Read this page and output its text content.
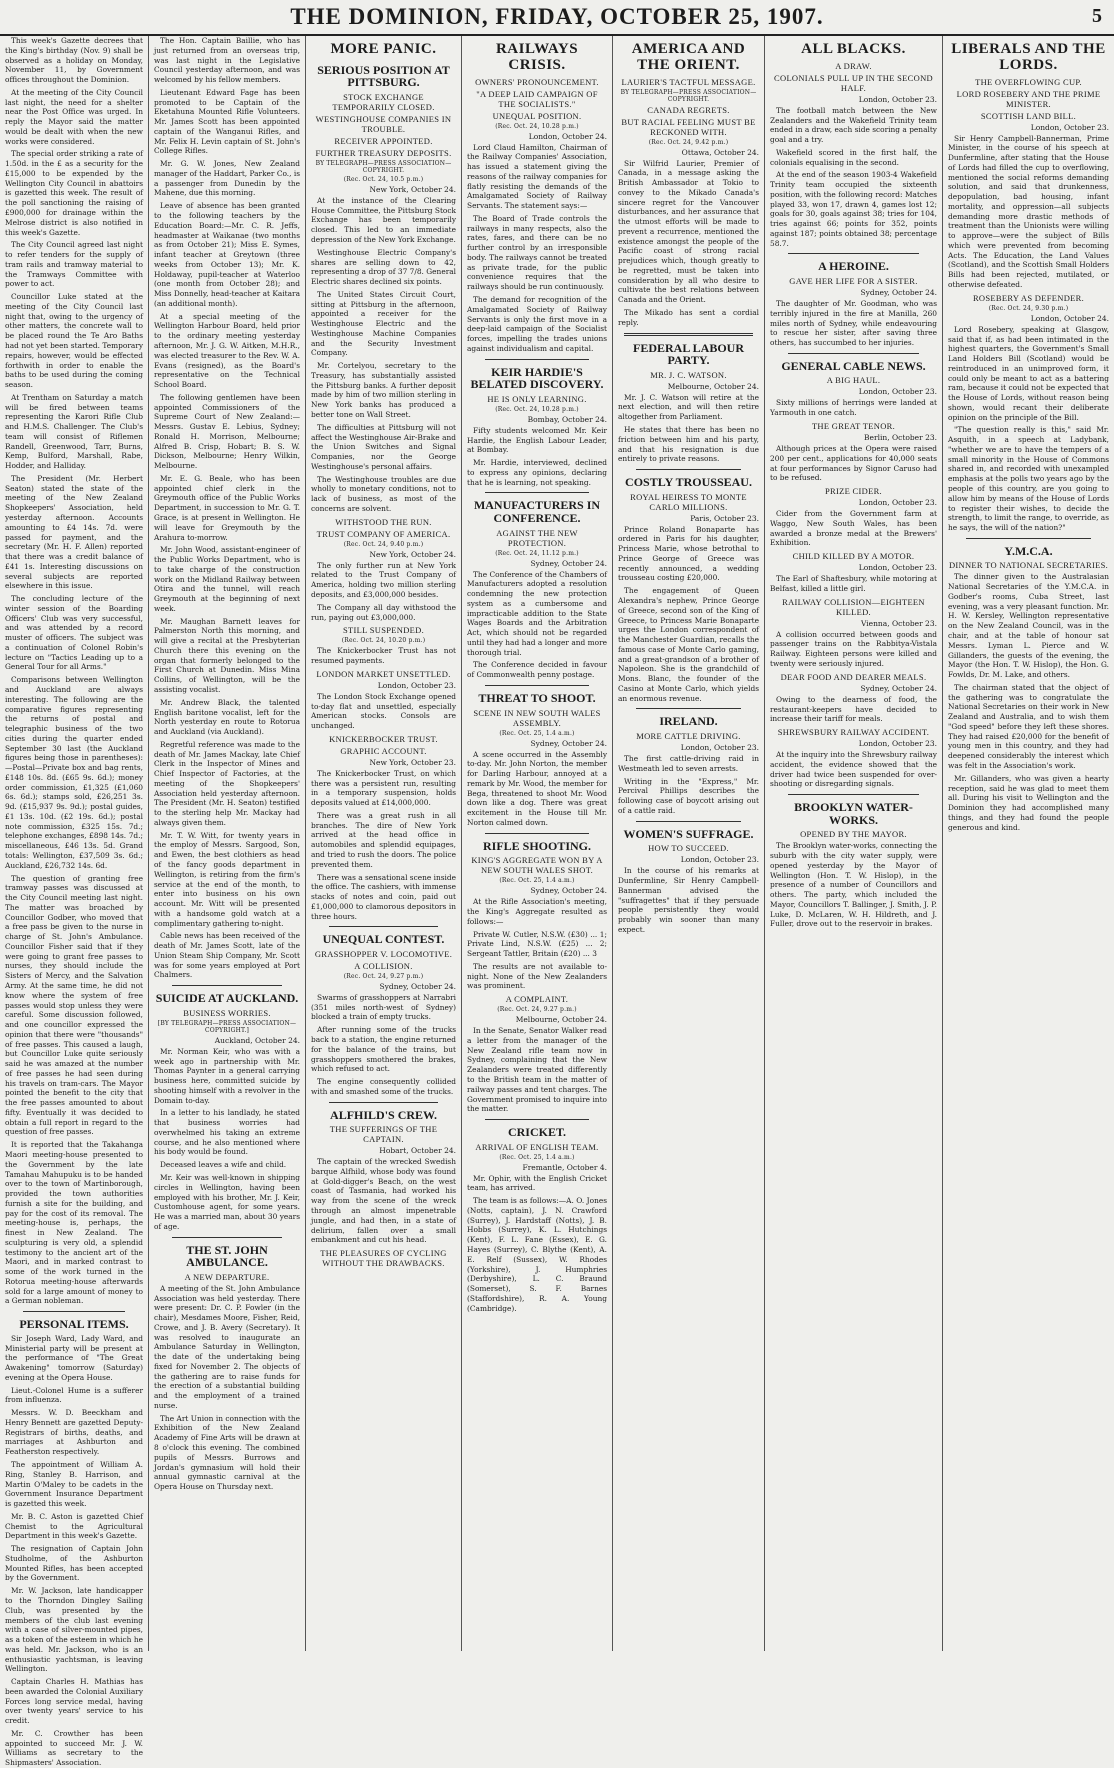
THE DOMINION, FRIDAY, OCTOBER 25, 1907.	5

This week's Gazette decrees that the King's birthday (Nov. 9) shall be observed as a holiday on Monday, November 11, by Government offices throughout the Dominion.

At the meeting of the City Council last night, the need for a shelter near the Post Office was urged. In reply the Mayor said the matter would be dealt with when the new works were considered.

The special order striking a rate of 1.50d. in the £ as a security for the £15,000 to be expended by the Wellington City Council in abattoirs is gazetted this week. The result of the poll sanctioning the raising of £900,000 for drainage within the Melrose district is also notified in this week's Gazette.

The City Council agreed last night to refer tenders for the supply of tram rails and tramway material to the Tramways Committee with power to act.

Councillor Luke stated at the meeting of the City Council last night that, owing to the urgency of other matters, the concrete wall to be placed round the Te Aro Baths had not yet been started. Temporary repairs, however, would be effected forthwith in order to enable the baths to be used during the coming season.

At Trentham on Saturday a match will be fired between teams representing the Karori Rifle Club and H.M.S. Challenger. The Club's team will consist of Riflemen Randell, Greenwood, Tarr, Burns, Kemp, Bulford, Marshall, Rabe, Hodder, and Halliday.

The President (Mr. Herbert Seaton) stated the state of the meeting of the New Zealand Shopkeepers' Association, held yesterday afternoon. Accounts amounting to £4 14s. 7d. were passed for payment, and the secretary (Mr. H. F. Allen) reported that there was a credit balance of £41 1s. Interesting discussions on several subjects are reported elsewhere in this issue.

The concluding lecture of the winter session of the Boarding Officers' Club was very successful, and was attended by a record muster of officers. The subject was a continuation of Colonel Robin's lecture on "Tactics Leading up to a General Tour for all Arms."

Comparisons between Wellington and Auckland are always interesting. The following are the comparative figures representing the returns of postal and telegraphic business of the two cities during the quarter ended September 30 last (the Auckland figures being those in parentheses):—Postal—Private box and bag rents, £148 10s. 8d. (£65 9s. 6d.); money order commission, £1,325 (£1,060 6s. 6d.); stamps sold, £26,251 3s. 9d. (£15,937 9s. 9d.); postal guides, £1 13s. 10d. (£2 19s. 6d.); postal note commission, £325 15s. 7d.; telephone exchanges, £898 14s. 7d.; miscellaneous, £46 13s. 5d. Grand totals: Wellington, £37,509 3s. 6d.; Auckland, £26,732 14s. 6d.

The question of granting free tramway passes was discussed at the City Council meeting last night. The matter was broached by Councillor Godber, who moved that a free pass be given to the nurse in charge of St. John's Ambulance. Councillor Fisher said that if they were going to grant free passes to nurses, they should include the Sisters of Mercy, and the Salvation Army. At the same time, he did not know where the system of free passes would stop unless they were careful. Some discussion followed, and one councillor expressed the opinion that there were "thousands" of free passes. This caused a laugh, but Councillor Luke quite seriously said he was amazed at the number of free passes he had seen during his travels on tram-cars. The Mayor pointed the benefit to the city that the free passes amounted to about fifty. Eventually it was decided to obtain a full report in regard to the question of free passes.

It is reported that the Takahanga Maori meeting-house presented to the Government by the late Tamahau Mahupuku is to be handed over to the town of Martinborough, provided the town authorities furnish a site for the building, and pay for the cost of its removal. The meeting-house is, perhaps, the finest in New Zealand. The sculpturing is very old, a splendid testimony to the ancient art of the Maori, and in marked contrast to some of the work turned in the Rotorua meeting-house afterwards sold for a large amount of money to a German nobleman.

PERSONAL ITEMS.

Sir Joseph Ward, Lady Ward, and Ministerial party will be present at the performance of "The Great Awakening" tomorrow (Saturday) evening at the Opera House.

Lieut.-Colonel Hume is a sufferer from influenza.

Messrs. W. D. Beeckham and Henry Bennett are gazetted Deputy-Registrars of births, deaths, and marriages at Ashburton and Featherston respectively.

The appointment of William A. Ring, Stanley B. Harrison, and Martin O'Maley to be cadets in the Government Insurance Department is gazetted this week.

Mr. B. C. Aston is gazetted Chief Chemist to the Agricultural Department in this week's Gazette.

The resignation of Captain John Studholme, of the Ashburton Mounted Rifles, has been accepted by the Government.

Mr. W. Jackson, late handicapper to the Thorndon Dingley Sailing Club, was presented by the members of the club last evening with a case of silver-mounted pipes, as a token of the esteem in which he was held. Mr. Jackson, who is an enthusiastic yachtsman, is leaving Wellington.

Captain Charles H. Mathias has been awarded the Colonial Auxiliary Forces long service medal, having over twenty years' service to his credit.

Mr. C. Crowther has been appointed to succeed Mr. J. W. Williams as secretary to the Shipmasters' Association.

The Hon. Captain Baillie, who has just returned from an overseas trip, was last night in the Legislative Council yesterday afternoon, and was welcomed by his fellow members.

Lieutenant Edward Fage has been promoted to be Captain of the Eketahuna Mounted Rifle Volunteers. Mr. James Scott has been appointed captain of the Wanganui Rifles, and Mr. Felix H. Levin captain of St. John's College Rifles.

Mr. G. W. Jones, New Zealand manager of the Haddart, Parker Co., is a passenger from Dunedin by the Mahene, due this morning.

Leave of absence has been granted to the following teachers by the Education Board:—Mr. C. R. Jeffs, headmaster at Waikanae (two months as from October 21); Miss E. Symes, infant teacher at Greytown (three weeks from October 13); Mr. K. Holdaway, pupil-teacher at Waterloo (one month from October 28); and Miss Donnelly, head-teacher at Kaitara (an additional month).

At a special meeting of the Wellington Harbour Board, held prior to the ordinary meeting yesterday afternoon, Mr. J. G. W. Aitken, M.H.R., was elected treasurer to the Rev. W. A. Evans (resigned), as the Board's representative on the Technical School Board.

The following gentlemen have been appointed Commissioners of the Supreme Court of New Zealand:—Messrs. Gustav E. Lebius, Sydney; Ronald H. Morrison, Melbourne; Alfred B. Crisp, Hobart; B. S. W. Dickson, Melbourne; Henry Wilkin, Melbourne.

Mr. E. G. Beale, who has been appointed chief clerk in the Greymouth office of the Public Works Department, in succession to Mr. G. T. Grace, is at present in Wellington. He will leave for Greymouth by the Arahura to-morrow.

Mr. John Wood, assistant-engineer of the Public Works Department, who is to take charge of the construction work on the Midland Railway between Otira and the tunnel, will reach Greymouth at the beginning of next week.

Mr. Maughan Barnett leaves for Palmerston North this morning, and will give a recital at the Presbyterian Church there this evening on the organ that formerly belonged to the First Church at Dunedin. Miss Mina Collins, of Wellington, will be the assisting vocalist.

Mr. Andrew Black, the talented English baritone vocalist, left for the North yesterday en route to Rotorua and Auckland (via Auckland).

Regretful reference was made to the death of Mr. James Mackay, late Chief Clerk in the Inspector of Mines and Chief Inspector of Factories, at the meeting of the Shopkeepers' Association held yesterday afternoon. The President (Mr. H. Seaton) testified to the sterling help Mr. Mackay had always given them.

Mr. T. W. Witt, for twenty years in the employ of Messrs. Sargood, Son, and Ewen, the best clothiers as head of the fancy goods department in Wellington, is retiring from the firm's service at the end of the month, to enter into business on his own account. Mr. Witt will be presented with a handsome gold watch at a complimentary gathering to-night.

Cable news has been received of the death of Mr. James Scott, late of the Union Steam Ship Company, Mr. Scott was for some years employed at Port Chalmers.

SUICIDE AT AUCKLAND.
BUSINESS WORRIES.
[BY TELEGRAPH—PRESS ASSOCIATION—COPYRIGHT.]
Auckland, October 24.

Mr. Norman Keir, who was with a week ago in partnership with Mr. Thomas Paynter in a general carrying business here, committed suicide by shooting himself with a revolver in the Domain to-day.

In a letter to his landlady, he stated that business worries had overwhelmed his taking an extreme course, and he also mentioned where his body would be found.

Deceased leaves a wife and child.

Mr. Keir was well-known in shipping circles in Wellington, having been employed with his brother, Mr. J. Keir, Customhouse agent, for some years. He was a married man, about 30 years of age.

THE ST. JOHN AMBULANCE.
A NEW DEPARTURE.

A meeting of the St. John Ambulance Association was held yesterday. There were present: Dr. C. P. Fowler (in the chair), Mesdames Moore, Fisher, Reid, Crowe, and J. B. Avery (Secretary). It was resolved to inaugurate an Ambulance Saturday in Wellington, the date of the undertaking being fixed for November 2. The objects of the gathering are to raise funds for the erection of a substantial building and the employment of a trained nurse.

The Art Union in connection with the Exhibition of the New Zealand Academy of Fine Arts will be drawn at 8 o'clock this evening. The combined pupils of Messrs. Burrows and Jordan's gymnasium will hold their annual gymnastic carnival at the Opera House on Thursday next.

MORE PANIC.
SERIOUS POSITION AT PITTSBURG.
STOCK EXCHANGE TEMPORARILY CLOSED.
WESTINGHOUSE COMPANIES IN TROUBLE.
RECEIVER APPOINTED.
FURTHER TREASURY DEPOSITS.
BY TELEGRAPH—PRESS ASSOCIATION—COPYRIGHT.
(Rec. Oct. 24, 10.5 p.m.)
New York, October 24.

At the instance of the Clearing House Committee, the Pittsburg Stock Exchange has been temporarily closed. This led to an immediate depression of the New York Exchange.

Westinghouse Electric Company's shares are selling down to 42, representing a drop of 37 7/8. General Electric shares declined six points.

The United States Circuit Court, sitting at Pittsburg in the afternoon, appointed a receiver for the Westinghouse Electric and the Westinghouse Machine Companies and the Security Investment Company.

Mr. Cortelyou, secretary to the Treasury, has substantially assisted the Pittsburg banks. A further deposit made by him of two million sterling in New York banks has produced a better tone on Wall Street.

The difficulties at Pittsburg will not affect the Westinghouse Air-Brake and the Union Switches and Signal Companies, nor the George Westinghouse's personal affairs.

The Westinghouse troubles are due wholly to monetary conditions, not to lack of business, as most of the concerns are solvent.

WITHSTOOD THE RUN.
TRUST COMPANY OF AMERICA.
(Rec. Oct. 24, 9.40 p.m.)
New York, October 24.

The only further run at New York related to the Trust Company of America, holding two million sterling deposits, and £3,000,000 besides.

The Company all day withstood the run, paying out £3,000,000.

STILL SUSPENDED.
(Rec. Oct. 24, 10.20 p.m.)

The Knickerbocker Trust has not resumed payments.

LONDON MARKET UNSETTLED.
London, October 23.

The London Stock Exchange opened to-day flat and unsettled, especially American stocks. Consols are unchanged.

KNICKERBOCKER TRUST.
GRAPHIC ACCOUNT.
New York, October 23.

The Knickerbocker Trust, on which there was a persistent run, resulting in a temporary suspension, holds deposits valued at £14,000,000.

There was a great rush in all branches. The dire of New York arrived at the head office in automobiles and splendid equipages, and tried to rush the doors. The police prevented them.

There was a sensational scene inside the office. The cashiers, with immense stacks of notes and coin, paid out £1,000,000 to clamorous depositors in three hours.

UNEQUAL CONTEST.
GRASSHOPPER V. LOCOMOTIVE.
A COLLISION.
(Rec. Oct. 24, 9.27 p.m.)
Sydney, October 24.

Swarms of grasshoppers at Narrabri (351 miles north-west of Sydney) blocked a train of empty trucks.

After running some of the trucks back to a station, the engine returned for the balance of the trains, but grasshoppers smothered the brakes, which refused to act.

The engine consequently collided with and smashed some of the trucks.

ALFHILD'S CREW.
THE SUFFERINGS OF THE CAPTAIN.
Hobart, October 24.

The captain of the wrecked Swedish barque Alfhild, whose body was found at Gold-digger's Beach, on the west coast of Tasmania, had worked his way from the scene of the wreck through an almost impenetrable jungle, and had then, in a state of delirium, fallen over a small embankment and cut his head.

THE PLEASURES OF CYCLING WITHOUT THE DRAWBACKS.
RAILWAYS CRISIS.
OWNERS' PRONOUNCEMENT.
"A DEEP LAID CAMPAIGN OF THE SOCIALISTS."
UNEQUAL POSITION.
(Rec. Oct. 24, 10.28 p.m.)
London, October 24.

Lord Claud Hamilton, Chairman of the Railway Companies' Association, has issued a statement giving the reasons of the railway companies for flatly resisting the demands of the Amalgamated Society of Railway Servants. The statement says:—

The Board of Trade controls the railways in many respects, also the rates, fares, and there can be no further control by an irresponsible body. The railways cannot be treated as private trade, for the public convenience requires that the railways should be run continuously.

The demand for recognition of the Amalgamated Society of Railway Servants is only the first move in a deep-laid campaign of the Socialist forces, impelling the trades unions against individualism and capital.

KEIR HARDIE'S BELATED DISCOVERY.
HE IS ONLY LEARNING.
(Rec. Oct. 24, 10.28 p.m.)
Bombay, October 24.

Fifty students welcomed Mr. Keir Hardie, the English Labour Leader, at Bombay.

Mr. Hardie, interviewed, declined to express any opinions, declaring that he is learning, not speaking.

MANUFACTURERS IN CONFERENCE.
AGAINST THE NEW PROTECTION.
(Rec. Oct. 24, 11.12 p.m.)
Sydney, October 24.

The Conference of the Chambers of Manufacturers adopted a resolution condemning the new protection system as a cumbersome and impracticable addition to the State Wages Boards and the Arbitration Act, which should not be regarded until they had had a longer and more thorough trial.

The Conference decided in favour of Commonwealth penny postage.

THREAT TO SHOOT.
SCENE IN NEW SOUTH WALES ASSEMBLY.
(Rec. Oct. 25, 1.4 a.m.)
Sydney, October 24.

A scene occurred in the Assembly to-day. Mr. John Norton, the member for Darling Harbour, annoyed at a remark by Mr. Wood, the member for Bega, threatened to shoot Mr. Wood down like a dog. There was great excitement in the House till Mr. Norton calmed down.

RIFLE SHOOTING.
KING'S AGGREGATE WON BY A NEW SOUTH WALES SHOT.
(Rec. Oct. 25, 1.4 a.m.)
Sydney, October 24.

At the Rifle Association's meeting, the King's Aggregate resulted as follows:—

Private W. Cutler, N.S.W. (£30) ... 1; Private Lind, N.S.W. (£25) ... 2; Sergeant Tattler, Britain (£20) ... 3

The results are not available to-night. None of the New Zealanders was prominent.

A COMPLAINT.
(Rec. Oct. 24, 9.27 p.m.)
Melbourne, October 24.

In the Senate, Senator Walker read a letter from the manager of the New Zealand rifle team now in Sydney, complaining that the New Zealanders were treated differently to the British team in the matter of railway passes and tent charges. The Government promised to inquire into the matter.

CRICKET.
ARRIVAL OF ENGLISH TEAM.
(Rec. Oct. 25, 1.4 a.m.)
Fremantle, October 4.

Mr. Ophir, with the English Cricket team, has arrived.

The team is as follows:—A. O. Jones (Notts, captain), J. N. Crawford (Surrey), J. Hardstaff (Notts), J. B. Hobbs (Surrey), K. L. Hutchings (Kent), F. L. Fane (Essex), E. G. Hayes (Surrey), C. Blythe (Kent), A. E. Relf (Sussex), W. Rhodes (Yorkshire), J. Humphries (Derbyshire), L. C. Braund (Somerset), S. F. Barnes (Staffordshire), R. A. Young (Cambridge).

AMERICA AND THE ORIENT.
LAURIER'S TACTFUL MESSAGE.
BY TELEGRAPH—PRESS ASSOCIATION—COPYRIGHT.
CANADA REGRETS.
BUT RACIAL FEELING MUST BE RECKONED WITH.
(Rec. Oct. 24, 9.42 p.m.)
Ottawa, October 24.

Sir Wilfrid Laurier, Premier of Canada, in a message asking the British Ambassador at Tokio to convey to the Mikado Canada's sincere regret for the Vancouver disturbances, and her assurance that the utmost efforts will be made to prevent a recurrence, mentioned the existence amongst the people of the Pacific coast of strong racial prejudices which, though greatly to be regretted, must be taken into consideration by all who desire to cultivate the best relations between Canada and the Orient.

The Mikado has sent a cordial reply.

FEDERAL LABOUR PARTY.
MR. J. C. WATSON.
Melbourne, October 24.

Mr. J. C. Watson will retire at the next election, and will then retire altogether from Parliament.

He states that there has been no friction between him and his party, and that his resignation is due entirely to private reasons.

COSTLY TROUSSEAU.
ROYAL HEIRESS TO MONTE CARLO MILLIONS.
Paris, October 23.

Prince Roland Bonaparte has ordered in Paris for his daughter, Princess Marie, whose betrothal to Prince George of Greece was recently announced, a wedding trousseau costing £20,000.

The engagement of Queen Alexandra's nephew, Prince George of Greece, second son of the King of Greece, to Princess Marie Bonaparte urges the London correspondent of the Manchester Guardian, recalls the famous case of Monte Carlo gaming, and a great-grandson of a brother of Napoleon. She is the grandchild of Mons. Blanc, the founder of the Casino at Monte Carlo, which yields an enormous revenue.

IRELAND.
MORE CATTLE DRIVING.
London, October 23.

The first cattle-driving raid in Westmeath led to seven arrests.

Writing in the "Express," Mr. Percival Phillips describes the following case of boycott arising out of a cattle raid.

WOMEN'S SUFFRAGE.
HOW TO SUCCEED.
London, October 23.

In the course of his remarks at Dunfermline, Sir Henry Campbell-Bannerman advised the "suffragettes" that if they persuade people persistently they would probably win sooner than many expect.

ALL BLACKS.
A DRAW.
COLONIALS PULL UP IN THE SECOND HALF.
London, October 23.

The football match between the New Zealanders and the Wakefield Trinity team ended in a draw, each side scoring a penalty goal and a try.

Wakefield scored in the first half, the colonials equalising in the second.

At the end of the season 1903-4 Wakefield Trinity team occupied the sixteenth position, with the following record: Matches played 33, won 17, drawn 4, games lost 12; goals for 30, goals against 38; tries for 104, tries against 66; points for 352, points against 187; points obtained 38; percentage 58.7.

A HEROINE.
GAVE HER LIFE FOR A SISTER.
Sydney, October 24.

The daughter of Mr. Goodman, who was terribly injured in the fire at Manilla, 260 miles north of Sydney, while endeavouring to rescue her sister, after saving three others, has succumbed to her injuries.

GENERAL CABLE NEWS.
A BIG HAUL.
London, October 23.

Sixty millions of herrings were landed at Yarmouth in one catch.

THE GREAT TENOR.
Berlin, October 23.

Although prices at the Opera were raised 200 per cent., applications for 40,000 seats at four performances by Signor Caruso had to be refused.

PRIZE CIDER.
London, October 23.

Cider from the Government farm at Waggo, New South Wales, has been awarded a bronze medal at the Brewers' Exhibition.

CHILD KILLED BY A MOTOR.
London, October 23.

The Earl of Shaftesbury, while motoring at Belfast, killed a little girl.

RAILWAY COLLISION—EIGHTEEN KILLED.
Vienna, October 23.

A collision occurred between goods and passenger trains on the Rabbitya-Vistala Railway. Eighteen persons were killed and twenty were seriously injured.

DEAR FOOD AND DEARER MEALS.
Sydney, October 24.

Owing to the dearness of food, the restaurant-keepers have decided to increase their tariff for meals.

SHREWSBURY RAILWAY ACCIDENT.
London, October 23.

At the inquiry into the Shrewsbury railway accident, the evidence showed that the driver had twice been suspended for over-shooting or disregarding signals.

BROOKLYN WATER-WORKS.
OPENED BY THE MAYOR.

The Brooklyn water-works, connecting the suburb with the city water supply, were opened yesterday by the Mayor of Wellington (Hon. T. W. Hislop), in the presence of a number of Councillors and others. The party, which included the Mayor, Councillors T. Ballinger, J. Smith, J. P. Luke, D. McLaren, W. H. Hildreth, and J. Fuller, drove out to the reservoir in brakes.

LIBERALS AND THE LORDS.
THE OVERFLOWING CUP.
LORD ROSEBERY AND THE PRIME MINISTER.
SCOTTISH LAND BILL.
London, October 23.

Sir Henry Campbell-Bannerman, Prime Minister, in the course of his speech at Dunfermline, after stating that the House of Lords had filled the cup to overflowing, mentioned the social reforms demanding solution, and said that drunkenness, depopulation, bad housing, infant mortality, and oppression—all subjects demanding more drastic methods of treatment than the Unionists were willing to approve—were the subject of Bills which were prevented from becoming Acts. The Education, the Land Values (Scotland), and the Scottish Small Holders Bills had been rejected, mutilated, or otherwise defeated.

ROSEBERY AS DEFENDER.
(Rec. Oct. 24, 9.30 p.m.)
London, October 24.

Lord Rosebery, speaking at Glasgow, said that if, as had been intimated in the highest quarters, the Government's Small Land Holders Bill (Scotland) would be reintroduced in an unimproved form, it could only be meant to act as a battering ram, because it could not be expected that the House of Lords, without reason being shown, would recant their deliberate opinion on the principle of the Bill.

"The question really is this," said Mr. Asquith, in a speech at Ladybank, "whether we are to have the tempers of a small minority in the House of Commons shared in, and recorded with unexampled emphasis at the polls two years ago by the people of this country, are you going to allow him by means of the House of Lords to register their wishes, to decide the strength, to limit the range, to override, as he says, the will of the nation?"

Y.M.C.A.
DINNER TO NATIONAL SECRETARIES.

The dinner given to the Australasian National Secretaries of the Y.M.C.A. in Godber's rooms, Cuba Street, last evening, was a very pleasant function. Mr. H. W. Kersley, Wellington representative on the New Zealand Council, was in the chair, and at the table of honour sat Messrs. Lyman L. Pierce and W. Gillanders, the guests of the evening, the Mayor (the Hon. T. W. Hislop), the Hon. G. Fowlds, Dr. M. Lake, and others.

The chairman stated that the object of the gathering was to congratulate the National Secretaries on their work in New Zealand and Australia, and to wish them "God speed" before they left these shores. They had raised £20,000 for the benefit of young men in this country, and they had deepened considerably the interest which was felt in the Association's work.

Mr. Gillanders, who was given a hearty reception, said he was glad to meet them all. During his visit to Wellington and the Dominion they had accomplished many things, and they had found the people generous and kind.
